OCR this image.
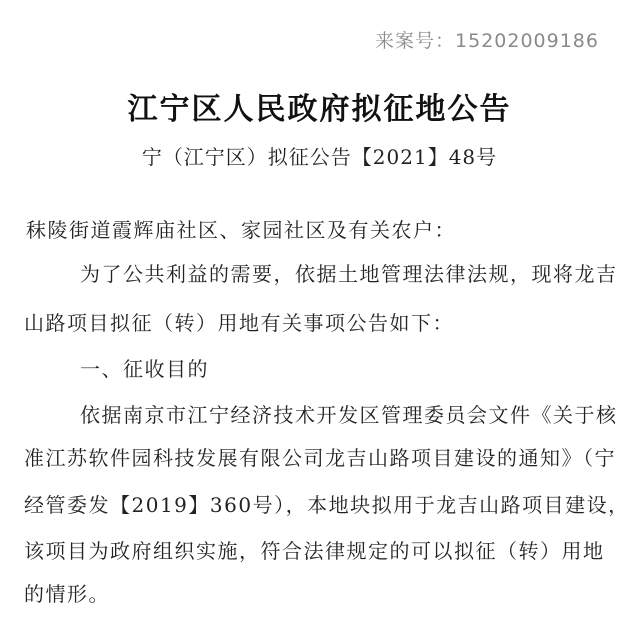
来案号：15202009186
江宁区人民政府拟征地公告
宁（江宁区）拟征公告【2021】48号
秣陵街道霞辉庙社区、家园社区及有关农户：
为了公共利益的需要，依据土地管理法律法规，现将龙吉
山路项目拟征（转）用地有关事项公告如下：
一、征收目的
依据南京市江宁经济技术开发区管理委员会文件《关于核
准江苏软件园科技发展有限公司龙吉山路项目建设的通知》（宁
经管委发【2019】360号），本地块拟用于龙吉山路项目建设，
该项目为政府组织实施，符合法律规定的可以拟征（转）用地
的情形。
